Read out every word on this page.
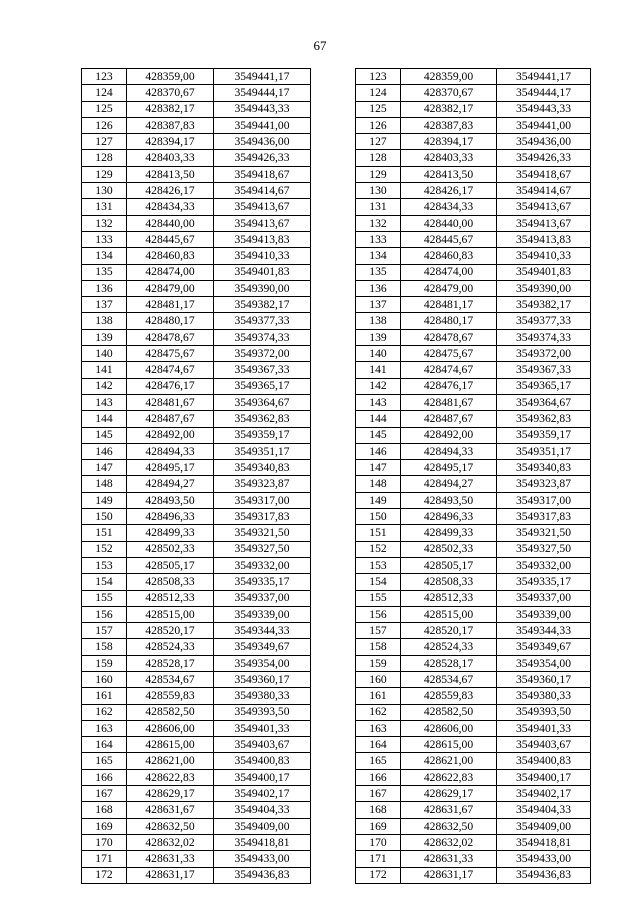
67
123	428359,00	3549441,17		123	428359,00	3549441,17
124	428370,67	3549444,17		124	428370,67	3549444,17
125	428382,17	3549443,33		125	428382,17	3549443,33
126	428387,83	3549441,00		126	428387,83	3549441,00
127	428394,17	3549436,00		127	428394,17	3549436,00
128	428403,33	3549426,33		128	428403,33	3549426,33
129	428413,50	3549418,67		129	428413,50	3549418,67
130	428426,17	3549414,67		130	428426,17	3549414,67
131	428434,33	3549413,67		131	428434,33	3549413,67
132	428440,00	3549413,67		132	428440,00	3549413,67
133	428445,67	3549413,83		133	428445,67	3549413,83
134	428460,83	3549410,33		134	428460,83	3549410,33
135	428474,00	3549401,83		135	428474,00	3549401,83
136	428479,00	3549390,00		136	428479,00	3549390,00
137	428481,17	3549382,17		137	428481,17	3549382,17
138	428480,17	3549377,33		138	428480,17	3549377,33
139	428478,67	3549374,33		139	428478,67	3549374,33
140	428475,67	3549372,00		140	428475,67	3549372,00
141	428474,67	3549367,33		141	428474,67	3549367,33
142	428476,17	3549365,17		142	428476,17	3549365,17
143	428481,67	3549364,67		143	428481,67	3549364,67
144	428487,67	3549362,83		144	428487,67	3549362,83
145	428492,00	3549359,17		145	428492,00	3549359,17
146	428494,33	3549351,17		146	428494,33	3549351,17
147	428495,17	3549340,83		147	428495,17	3549340,83
148	428494,27	3549323,87		148	428494,27	3549323,87
149	428493,50	3549317,00		149	428493,50	3549317,00
150	428496,33	3549317,83		150	428496,33	3549317,83
151	428499,33	3549321,50		151	428499,33	3549321,50
152	428502,33	3549327,50		152	428502,33	3549327,50
153	428505,17	3549332,00		153	428505,17	3549332,00
154	428508,33	3549335,17		154	428508,33	3549335,17
155	428512,33	3549337,00		155	428512,33	3549337,00
156	428515,00	3549339,00		156	428515,00	3549339,00
157	428520,17	3549344,33		157	428520,17	3549344,33
158	428524,33	3549349,67		158	428524,33	3549349,67
159	428528,17	3549354,00		159	428528,17	3549354,00
160	428534,67	3549360,17		160	428534,67	3549360,17
161	428559,83	3549380,33		161	428559,83	3549380,33
162	428582,50	3549393,50		162	428582,50	3549393,50
163	428606,00	3549401,33		163	428606,00	3549401,33
164	428615,00	3549403,67		164	428615,00	3549403,67
165	428621,00	3549400,83		165	428621,00	3549400,83
166	428622,83	3549400,17		166	428622,83	3549400,17
167	428629,17	3549402,17		167	428629,17	3549402,17
168	428631,67	3549404,33		168	428631,67	3549404,33
169	428632,50	3549409,00		169	428632,50	3549409,00
170	428632,02	3549418,81		170	428632,02	3549418,81
171	428631,33	3549433,00		171	428631,33	3549433,00
172	428631,17	3549436,83		172	428631,17	3549436,83
